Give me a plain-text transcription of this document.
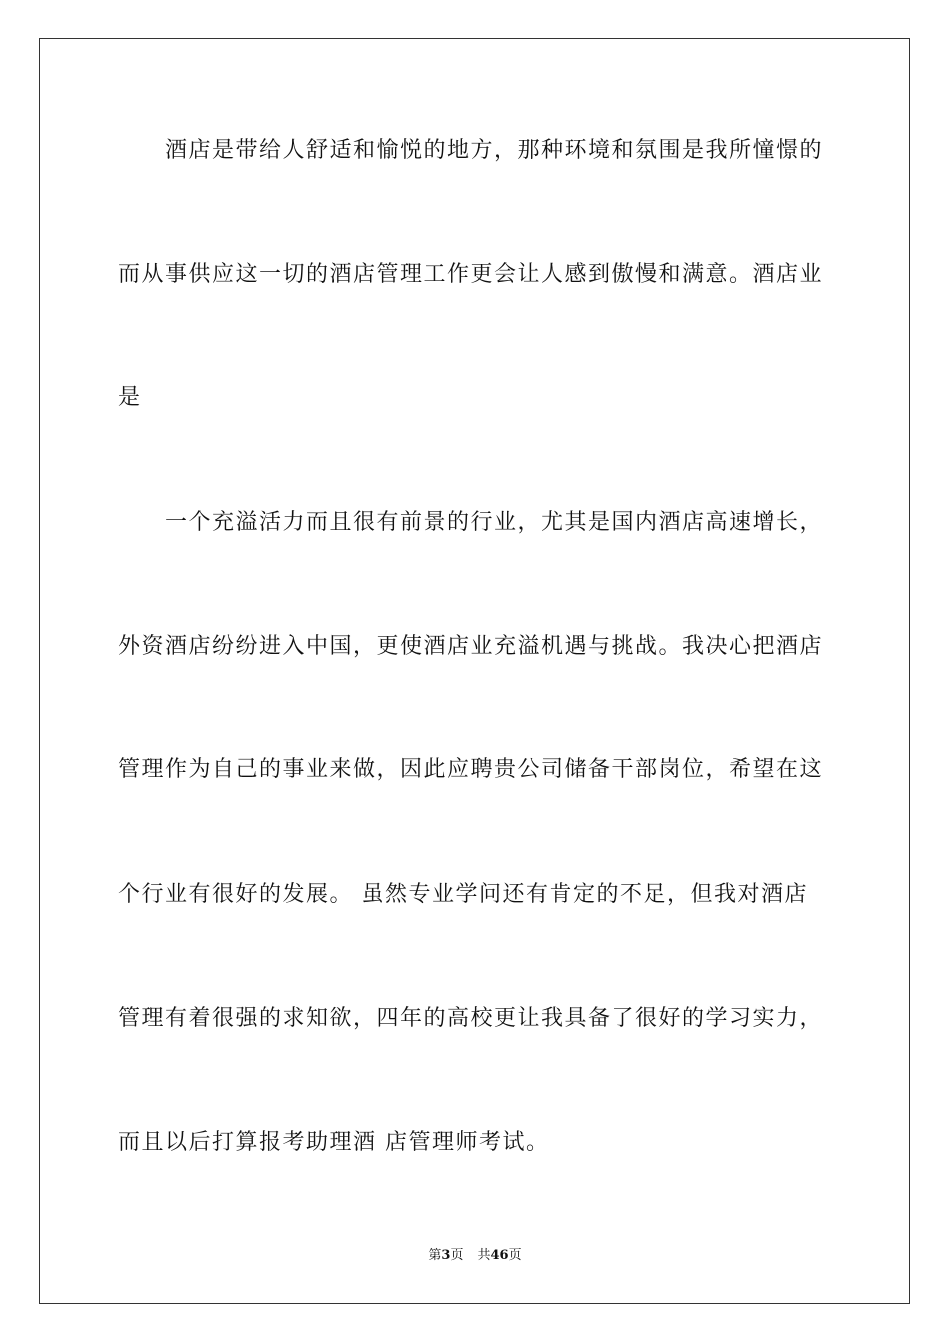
　　酒店是带给人舒适和愉悦的地方，那种环境和氛围是我所憧憬的
而从事供应这一切的酒店管理工作更会让人感到傲慢和满意。酒店业
是
　　一个充溢活力而且很有前景的行业，尤其是国内酒店高速增长，
外资酒店纷纷进入中国，更使酒店业充溢机遇与挑战。我决心把酒店
管理作为自己的事业来做，因此应聘贵公司储备干部岗位，希望在这
个行业有很好的发展。 虽然专业学问还有肯定的不足，但我对酒店
管理有着很强的求知欲，四年的高校更让我具备了很好的学习实力，
而且以后打算报考助理酒 店管理师考试。
第3页 共46页
